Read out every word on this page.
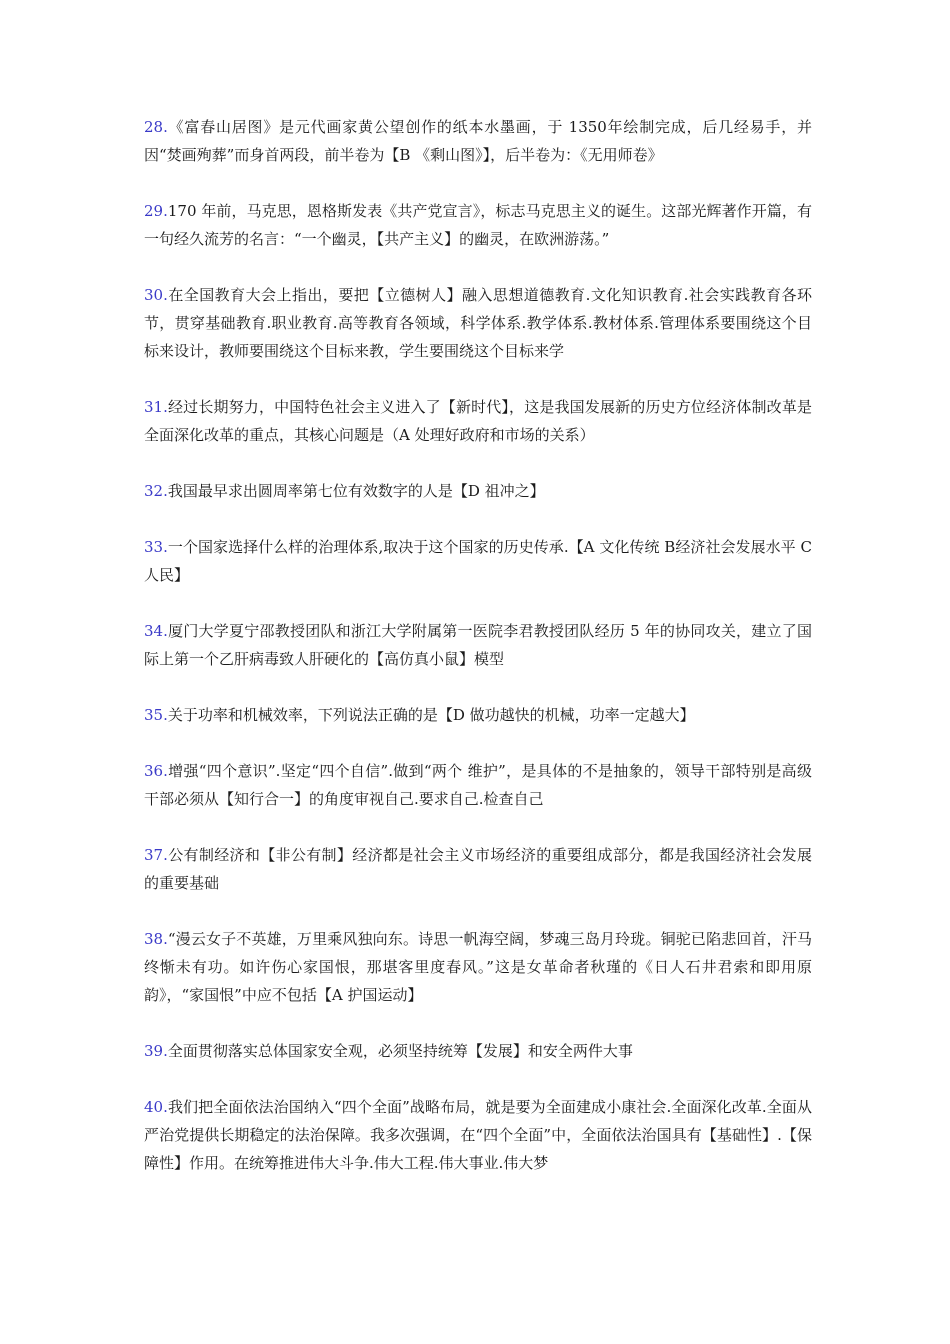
28.《富春山居图》是元代画家黄公望创作的纸本水墨画，于 1350年绘制完成，后几经易手，并因“焚画殉葬”而身首两段，前半卷为【B 《剩山图》】，后半卷为：《无用师卷》

29.170 年前，马克思，恩格斯发表《共产党宣言》，标志马克思主义的诞生。这部光辉著作开篇，有一句经久流芳的名言：“一个幽灵，【共产主义】的幽灵，在欧洲游荡。”

30.在全国教育大会上指出，要把【立德树人】融入思想道德教育.文化知识教育.社会实践教育各环节，贯穿基础教育.职业教育.高等教育各领域，科学体系.教学体系.教材体系.管理体系要围绕这个目标来设计，教师要围绕这个目标来教，学生要围绕这个目标来学

31.经过长期努力，中国特色社会主义进入了【新时代】，这是我国发展新的历史方位经济体制改革是全面深化改革的重点，其核心问题是（A 处理好政府和市场的关系）

32.我国最早求出圆周率第七位有效数字的人是【D 祖冲之】

33.一个国家选择什么样的治理体系,取决于这个国家的历史传承.【A 文化传统 B经济社会发展水平 C人民】

34.厦门大学夏宁邵教授团队和浙江大学附属第一医院李君教授团队经历 5 年的协同攻关，建立了国际上第一个乙肝病毒致人肝硬化的【高仿真小鼠】模型

35.关于功率和机械效率，下列说法正确的是【D 做功越快的机械，功率一定越大】

36.增强“四个意识”.坚定“四个自信”.做到“两个 维护”，是具体的不是抽象的，领导干部特别是高级干部必须从【知行合一】的角度审视自己.要求自己.检查自己

37.公有制经济和【非公有制】经济都是社会主义市场经济的重要组成部分，都是我国经济社会发展的重要基础

38.“漫云女子不英雄，万里乘风独向东。诗思一帆海空阔，梦魂三岛月玲珑。铜驼已陷悲回首，汗马终惭未有功。如许伤心家国恨，那堪客里度春风。”这是女革命者秋瑾的《日人石井君索和即用原韵》，“家国恨”中应不包括【A 护国运动】

39.全面贯彻落实总体国家安全观，必须坚持统筹【发展】和安全两件大事

40.我们把全面依法治国纳入“四个全面”战略布局，就是要为全面建成小康社会.全面深化改革.全面从严治党提供长期稳定的法治保障。我多次强调，在“四个全面”中，全面依法治国具有【基础性】.【保障性】作用。在统筹推进伟大斗争.伟大工程.伟大事业.伟大梦
